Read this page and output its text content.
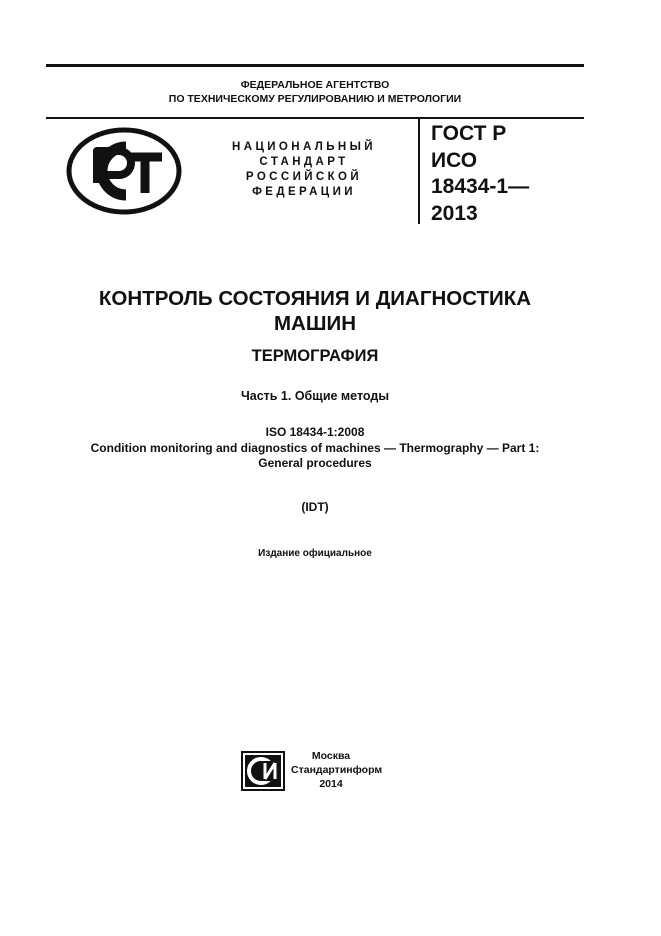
ФЕДЕРАЛЬНОЕ АГЕНТСТВО
ПО ТЕХНИЧЕСКОМУ РЕГУЛИРОВАНИЮ И МЕТРОЛОГИИ
НАЦИОНАЛЬНЫЙ
СТАНДАРТ
РОССИЙСКОЙ
ФЕДЕРАЦИИ
ГОСТ Р
ИСО
18434-1—
2013
КОНТРОЛЬ СОСТОЯНИЯ И ДИАГНОСТИКА
МАШИН
ТЕРМОГРАФИЯ
Часть 1. Общие методы
ISO 18434-1:2008
Condition monitoring and diagnostics of machines — Thermography — Part 1:
General procedures
(IDT)
Издание официальное
Москва
Стандартинформ
2014
